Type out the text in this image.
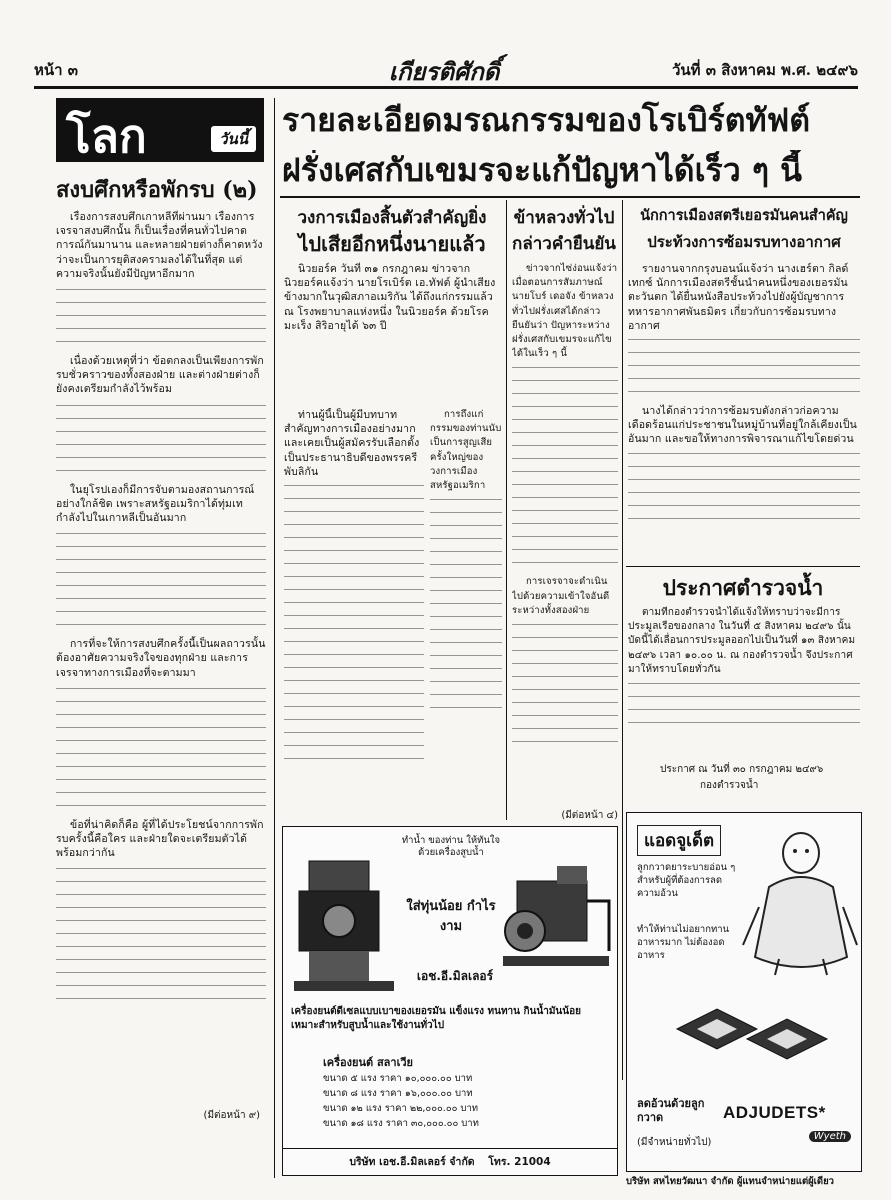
หน้า ๓	เกียรติศักดิ์	วันที่ ๓ สิงหาคม พ.ศ. ๒๔๙๖
โลก	วันนี้
สงบศึกหรือพักรบ (๒)

เรื่องการสงบศึกเกาหลีที่ผ่านมา เรื่องการเจรจาสงบศึกนั้น ก็เป็นเรื่องที่คนทั่วไปคาดการณ์กันมานาน และหลายฝ่ายต่างก็คาดหวังว่าจะเป็นการยุติสงครามลงได้ในที่สุด แต่ความจริงนั้นยังมีปัญหาอีกมาก

เนื่องด้วยเหตุที่ว่า ข้อตกลงเป็นเพียงการพักรบชั่วคราวของทั้งสองฝ่าย และต่างฝ่ายต่างก็ยังคงเตรียมกำลังไว้พร้อม

ในยุโรปเองก็มีการจับตามองสถานการณ์อย่างใกล้ชิด เพราะสหรัฐอเมริกาได้ทุ่มเทกำลังไปในเกาหลีเป็นอันมาก

การที่จะให้การสงบศึกครั้งนี้เป็นผลถาวรนั้น ต้องอาศัยความจริงใจของทุกฝ่าย และการเจรจาทางการเมืองที่จะตามมา

ข้อที่น่าคิดก็คือ ผู้ที่ได้ประโยชน์จากการพักรบครั้งนี้คือใคร และฝ่ายใดจะเตรียมตัวได้พร้อมกว่ากัน

(มีต่อหน้า ๙)
รายละเอียดมรณกรรมของโรเบิร์ตทัฟต์
ฝรั่งเศสกับเขมรจะแก้ปัญหาได้เร็ว ๆ นี้
วงการเมืองสิ้นตัวสำคัญยิ่ง
ไปเสียอีกหนึ่งนายแล้ว

นิวยอร์ค วันที่ ๓๑ กรกฎาคม ข่าวจากนิวยอร์คแจ้งว่า นายโรเบิร์ต เอ.ทัฟต์ ผู้นำเสียงข้างมากในวุฒิสภาอเมริกัน ได้ถึงแก่กรรมแล้ว ณ โรงพยาบาลแห่งหนึ่ง ในนิวยอร์ค ด้วยโรคมะเร็ง สิริอายุได้ ๖๓ ปี

ท่านผู้นี้เป็นผู้มีบทบาทสำคัญทางการเมืองอย่างมาก และเคยเป็นผู้สมัครรับเลือกตั้งเป็นประธานาธิบดีของพรรครีพับลิกัน

การถึงแก่กรรมของท่านนับเป็นการสูญเสียครั้งใหญ่ของวงการเมืองสหรัฐอเมริกา

ข้าหลวงทั่วไป
กล่าวคำยืนยัน

ข่าวจากไซ่ง่อนแจ้งว่า เมื่อตอนการสัมภาษณ์ นายโบร์ เดอจัง ข้าหลวงทั่วไปฝรั่งเศสได้กล่าวยืนยันว่า ปัญหาระหว่างฝรั่งเศสกับเขมรจะแก้ไขได้ในเร็ว ๆ นี้

การเจรจาจะดำเนินไปด้วยความเข้าใจอันดีระหว่างทั้งสองฝ่าย

(มีต่อหน้า ๔)
นักการเมืองสตรีเยอรมันคนสำคัญ
ประท้วงการซ้อมรบทางอากาศ

รายงานจากกรุงบอนน์แจ้งว่า นางเฮร์ตา กิลด์ เทกซ์ นักการเมืองสตรีชั้นนำคนหนึ่งของเยอรมันตะวันตก ได้ยื่นหนังสือประท้วงไปยังผู้บัญชาการทหารอากาศพันธมิตร เกี่ยวกับการซ้อมรบทางอากาศ

นางได้กล่าวว่าการซ้อมรบดังกล่าวก่อความเดือดร้อนแก่ประชาชนในหมู่บ้านที่อยู่ใกล้เคียงเป็นอันมาก และขอให้ทางการพิจารณาแก้ไขโดยด่วน

ประกาศตำรวจน้ำ

ตามที่กองตำรวจน้ำได้แจ้งให้ทราบว่าจะมีการประมูลเรือของกลาง ในวันที่ ๕ สิงหาคม ๒๔๙๖ นั้น บัดนี้ได้เลื่อนการประมูลออกไปเป็นวันที่ ๑๓ สิงหาคม ๒๔๙๖ เวลา ๑๐.๐๐ น. ณ กองตำรวจน้ำ จึงประกาศมาให้ทราบโดยทั่วกัน

ประกาศ ณ วันที่ ๓๐ กรกฎาคม ๒๔๙๖
กองตำรวจน้ำ
แอดจูเด็ต
ลูกกวาดยาระบายอ่อน ๆ สำหรับผู้ที่ต้องการลดความอ้วน
ทำให้ท่านไม่อยากทานอาหารมาก ไม่ต้องอดอาหาร
ลดอ้วนด้วยลูกกวาด	ADJUDETS*
(มีจำหน่ายทั่วไป)
Wyeth
บริษัท สหไทยวัฒนา จำกัด ผู้แทนจำหน่ายแต่ผู้เดียว
ทำน้ำ ของท่าน ให้ทันใจด้วยเครื่องสูบน้ำ
ใส่ทุ่นน้อย กำไรงาม
เอช.อี.มิลเลอร์
เครื่องยนต์ดีเซลแบบเบาของเยอรมัน แข็งแรง ทนทาน กินน้ำมันน้อย เหมาะสำหรับสูบน้ำและใช้งานทั่วไป
เครื่องยนต์ สลาเวีย
ขนาด ๕ แรง ราคา ๑๐,๐๐๐.๐๐ บาท
ขนาด ๘ แรง ราคา ๑๖,๐๐๐.๐๐ บาท
ขนาด ๑๒ แรง ราคา ๒๒,๐๐๐.๐๐ บาท
ขนาด ๑๘ แรง ราคา ๓๐,๐๐๐.๐๐ บาท
บริษัท เอช.อี.มิลเลอร์ จำกัด โทร. 21004
